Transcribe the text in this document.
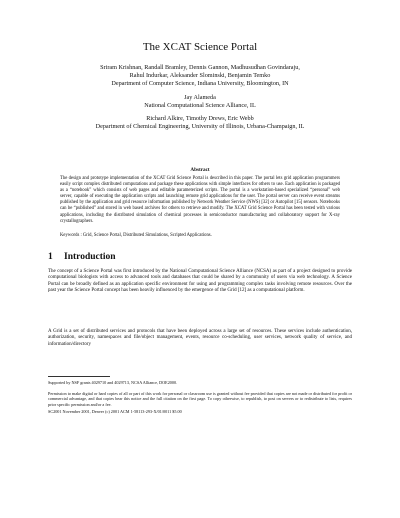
The XCAT Science Portal
Sriram Krishnan, Randall Bramley, Dennis Gannon, Madhusudhan Govindaraju,
Rahul Indurkar, Aleksander Slominski, Benjamin Temko
Department of Computer Science, Indiana University, Bloomington, IN
Jay Alameda
National Computational Science Alliance, IL
Richard Alkire, Timothy Drews, Eric Webb
Department of Chemical Engineering, University of Illinois, Urbana-Champaign, IL
Abstract
The design and prototype implementation of the XCAT Grid Science Portal is described in this paper. The portal lets grid application programmers easily script complex distributed computations and package these applications with simple interfaces for others to use. Each application is packaged as a “notebook” which consists of web pages and editable parameterized scripts. The portal is a workstation-based specialized “personal” web server, capable of executing the application scripts and launching remote grid applications for the user. The portal server can receive event streams published by the application and grid resource information published by Network Weather Service (NWS) [32] or Autopilot [15] sensors. Notebooks can be “published” and stored in web based archives for others to retrieve and modify. The XCAT Grid Science Portal has been tested with various applications, including the distributed simulation of chemical processes in semiconductor manufacturing and collaboratory support for X-ray crystallographers.
Keywords : Grid, Science Portal, Distributed Simulations, Scripted Applications.
1 Introduction
The concept of a Science Portal was first introduced by the National Computational Science Alliance (NCSA) as part of a project designed to provide computational biologists with access to advanced tools and databases that could be shared by a community of users via web technology. A Science Portal can be broadly defined as an application specific environment for using and programming complex tasks involving remote resources. Over the past year the Science Portal concept has been heavily influenced by the emergence of the Grid [12] as a computational platform.
A Grid is a set of distributed services and protocols that have been deployed across a large set of resources. These services include authentication, authorization, security, namespaces and file/object management, events, resource co-scheduling, user services, network quality of service, and information/directory
Supported by NSF grants 4029710 and 4029713, NCSA Alliance, DOE2000.
Permission to make digital or hard copies of all or part of this work for personal or classroom use is granted without fee provided that copies are not made or distributed for profit or commercial advantage, and that copies bear this notice and the full citation on the first page. To copy otherwise, to republish, to post on servers or to redistribute to lists, requires prior specific permission and/or a fee.
SC2001 November 2001, Denver (c) 2001 ACM 1-58113-293-X/01/0011 $5.00
